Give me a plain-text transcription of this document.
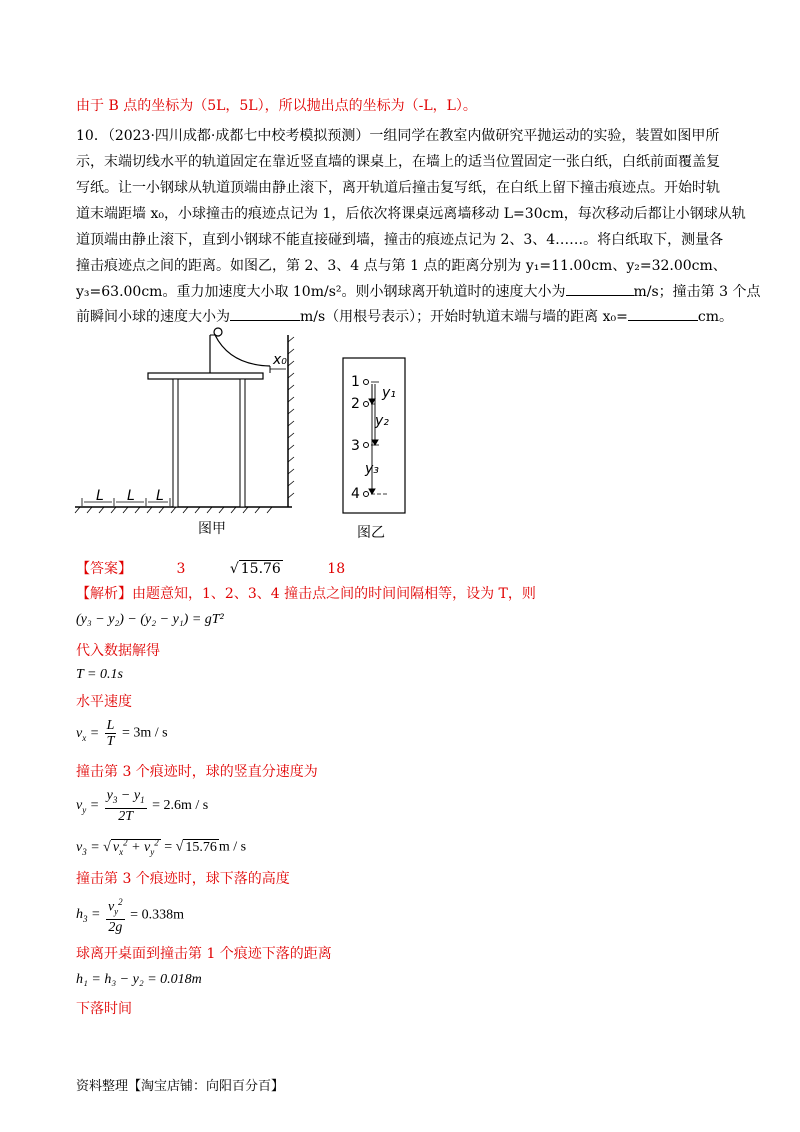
由于 B 点的坐标为（5L，5L），所以抛出点的坐标为（-L，L）。
10．（2023·四川成都·成都七中校考模拟预测）一组同学在教室内做研究平抛运动的实验，装置如图甲所
示，末端切线水平的轨道固定在靠近竖直墙的课桌上，在墙上的适当位置固定一张白纸，白纸前面覆盖复
写纸。让一小钢球从轨道顶端由静止滚下，离开轨道后撞击复写纸，在白纸上留下撞击痕迹点。开始时轨
道末端距墙 x₀，小球撞击的痕迹点记为 1，后依次将课桌远离墙移动 L=30cm，每次移动后都让小钢球从轨
道顶端由静止滚下，直到小钢球不能直接碰到墙，撞击的痕迹点记为 2、3、4……。将白纸取下，测量各
撞击痕迹点之间的距离。如图乙，第 2、3、4 点与第 1 点的距离分别为 y₁=11.00cm、y₂=32.00cm、
y₃=63.00cm。重力加速度大小取 10m/s²。则小钢球离开轨道时的速度大小为	m/s；撞击第 3 个点
前瞬间小球的速度大小为	m/s（用根号表示）；开始时轨道末端与墙的距离 x₀=	cm。
x₀
L L L
图甲
1
2
3
4
y₁
y₂
y₃
图乙
【答案】	3	√ 15.76	18
【解析】由题意知，1、2、3、4 撞击点之间的时间间隔相等，设为 T，则
(y₃ − y₂) − (y₂ − y₁) = gT²
代入数据解得
T = 0.1s
水平速度
$v_x = \frac{L}{T} = 3m / s$
撞击第 3 个痕迹时，球的竖直分速度为
$v_y = \frac{y_3 - y_1}{2T} = 2.6m / s$
$v_3$ = √ $v_x^2 + v_y^2$ = √ 15.76 m / s
撞击第 3 个痕迹时，球下落的高度
$h_3 = \frac{v_y^2}{2g} = 0.338m$
球离开桌面到撞击第 1 个痕迹下落的距离
h₁ = h₃ − y₂ = 0.018m
下落时间
资料整理【淘宝店铺：向阳百分百】
